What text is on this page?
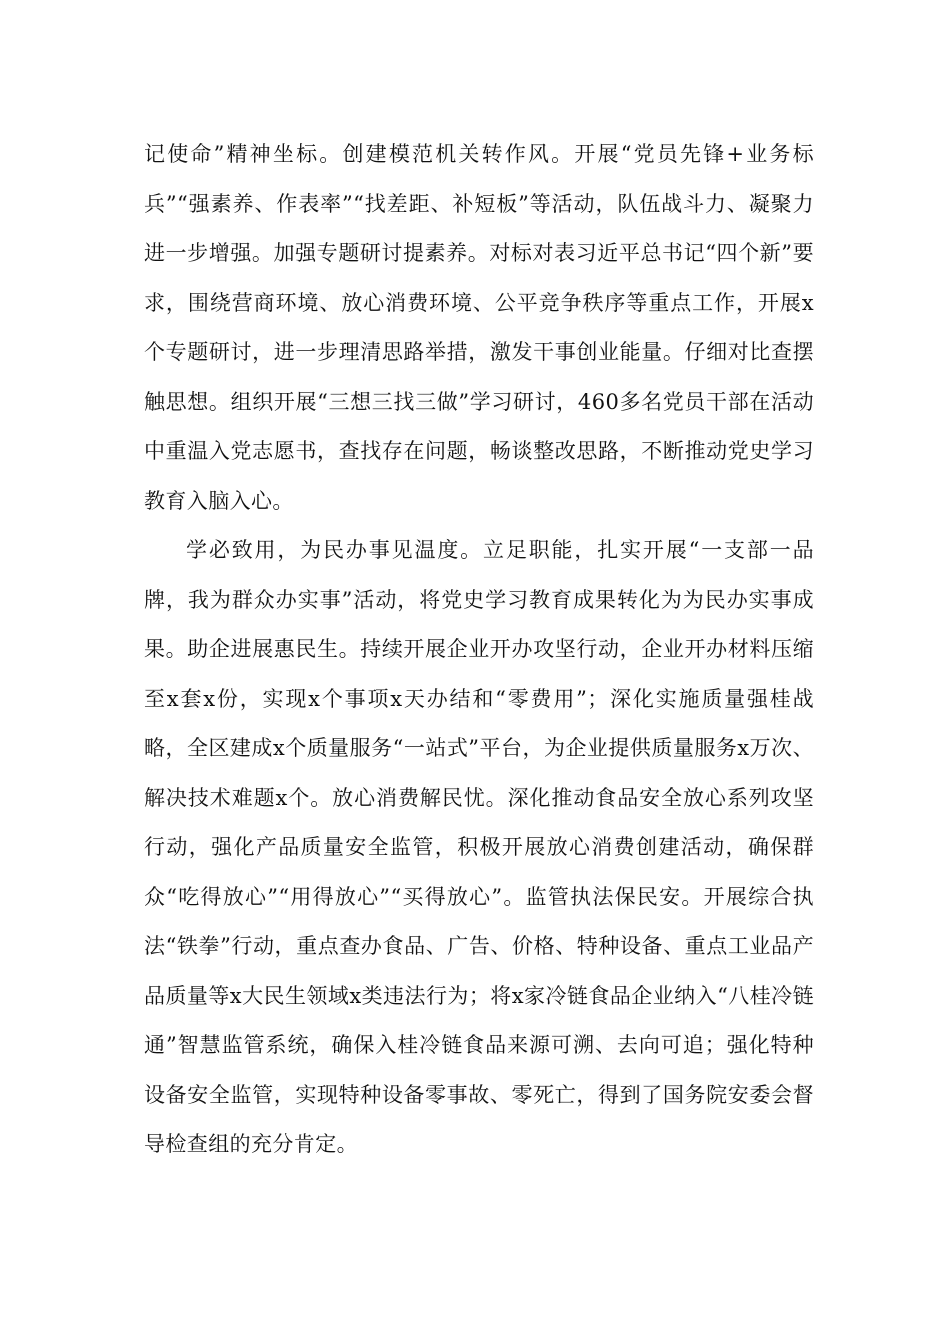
记使命”精神坐标。创建模范机关转作风。开展“党员先锋+业务标兵”“强素养、作表率”“找差距、补短板”等活动，队伍战斗力、凝聚力进一步增强。加强专题研讨提素养。对标对表习近平总书记“四个新”要求，围绕营商环境、放心消费环境、公平竞争秩序等重点工作，开展x个专题研讨，进一步理清思路举措，激发干事创业能量。仔细对比查摆触思想。组织开展“三想三找三做”学习研讨，460多名党员干部在活动中重温入党志愿书，查找存在问题，畅谈整改思路，不断推动党史学习教育入脑入心。

学必致用，为民办事见温度。立足职能，扎实开展“一支部一品牌，我为群众办实事”活动，将党史学习教育成果转化为为民办实事成果。助企进展惠民生。持续开展企业开办攻坚行动，企业开办材料压缩至x套x份，实现x个事项x天办结和“零费用”；深化实施质量强桂战略，全区建成x个质量服务“一站式”平台，为企业提供质量服务x万次、解决技术难题x个。放心消费解民忧。深化推动食品安全放心系列攻坚行动，强化产品质量安全监管，积极开展放心消费创建活动，确保群众“吃得放心”“用得放心”“买得放心”。监管执法保民安。开展综合执法“铁拳”行动，重点查办食品、广告、价格、特种设备、重点工业品产品质量等x大民生领域x类违法行为；将x家冷链食品企业纳入“八桂冷链通”智慧监管系统，确保入桂冷链食品来源可溯、去向可追；强化特种设备安全监管，实现特种设备零事故、零死亡，得到了国务院安委会督导检查组的充分肯定。
